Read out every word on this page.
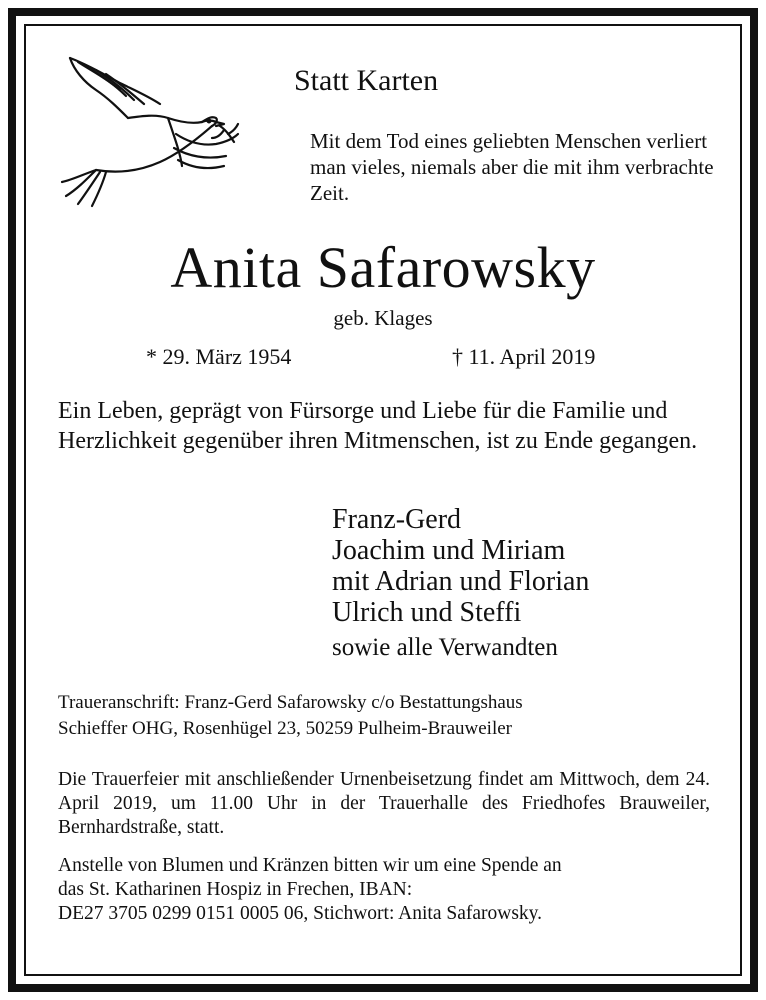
Statt Karten
Mit dem Tod eines geliebten Menschen verliert man vieles, niemals aber die mit ihm verbrachte Zeit.
Anita Safarowsky
geb. Klages
* 29. März 1954	† 11. April 2019
Ein Leben, geprägt von Fürsorge und Liebe für die Familie und Herzlichkeit gegenüber ihren Mitmenschen, ist zu Ende gegangen.
Franz-Gerd
Joachim und Miriam
mit Adrian und Florian
Ulrich und Steffi
sowie alle Verwandten
Traueranschrift: Franz-Gerd Safarowsky c/o Bestattungshaus
Schieffer OHG, Rosenhügel 23, 50259 Pulheim-Brauweiler

Die Trauerfeier mit anschließender Urnenbeisetzung findet am Mittwoch, dem 24. April 2019, um 11.00 Uhr in der Trauerhalle des Friedhofes Brauweiler, Bernhardstraße, statt.

Anstelle von Blumen und Kränzen bitten wir um eine Spende an
das St. Katharinen Hospiz in Frechen, IBAN:
DE27 3705 0299 0151 0005 06, Stichwort: Anita Safarowsky.
